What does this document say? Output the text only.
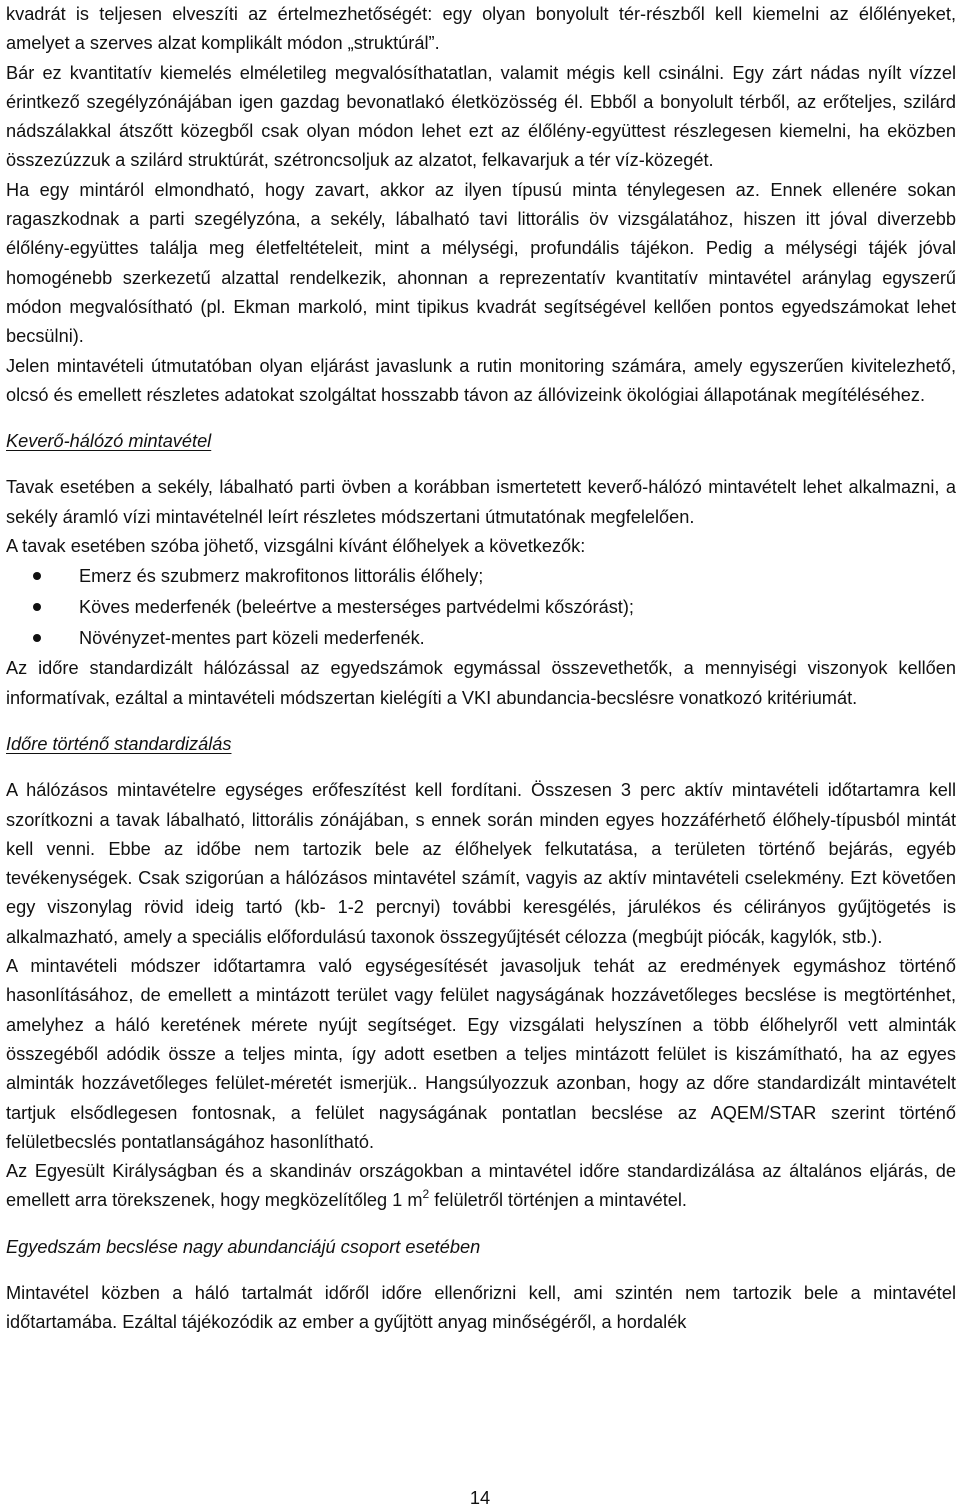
kvadrát is teljesen elveszíti az értelmezhetőségét: egy olyan bonyolult tér-részből kell kiemelni az élőlényeket, amelyet a szerves alzat komplikált módon „struktúrál”.

Bár ez kvantitatív kiemelés elméletileg megvalósíthatatlan, valamit mégis kell csinálni. Egy zárt nádas nyílt vízzel érintkező szegélyzónájában igen gazdag bevonatlakó életközösség él. Ebből a bonyolult térből, az erőteljes, szilárd nádszálakkal átszőtt közegből csak olyan módon lehet ezt az élőlény-együttest részlegesen kiemelni, ha eközben összezúzzuk a szilárd struktúrát, szétroncsoljuk az alzatot, felkavarjuk a tér víz-közegét.

Ha egy mintáról elmondható, hogy zavart, akkor az ilyen típusú minta ténylegesen az. Ennek ellenére sokan ragaszkodnak a parti szegélyzóna, a sekély, lábalható tavi littorális öv vizsgálatához, hiszen itt jóval diverzebb élőlény-együttes találja meg életfeltételeit, mint a mélységi, profundális tájékon. Pedig a mélységi tájék jóval homogénebb szerkezetű alzattal rendelkezik, ahonnan a reprezentatív kvantitatív mintavétel aránylag egyszerű módon megvalósítható (pl. Ekman markoló, mint tipikus kvadrát segítségével kellően pontos egyedszámokat lehet becsülni).

Jelen mintavételi útmutatóban olyan eljárást javaslunk a rutin monitoring számára, amely egyszerűen kivitelezhető, olcsó és emellett részletes adatokat szolgáltat hosszabb távon az állóvizeink ökológiai állapotának megítéléséhez.

Keverő-hálózó mintavétel

Tavak esetében a sekély, lábalható parti övben a korábban ismertetett keverő-hálózó mintavételt lehet alkalmazni, a sekély áramló vízi mintavételnél leírt részletes módszertani útmutatónak megfelelően.

A tavak esetében szóba jöhető, vizsgálni kívánt élőhelyek a következők:

Emerz és szubmerz makrofitonos littorális élőhely;
Köves mederfenék (beleértve a mesterséges partvédelmi kőszórást);
Növényzet-mentes part közeli mederfenék.

Az időre standardizált hálózással az egyedszámok egymással összevethetők, a mennyiségi viszonyok kellően informatívak, ezáltal a mintavételi módszertan kielégíti a VKI abundancia-becslésre vonatkozó kritériumát.

Időre történő standardizálás

A hálózásos mintavételre egységes erőfeszítést kell fordítani. Összesen 3 perc aktív mintavételi időtartamra kell szorítkozni a tavak lábalható, littorális zónájában, s ennek során minden egyes hozzáférhető élőhely-típusból mintát kell venni. Ebbe az időbe nem tartozik bele az élőhelyek felkutatása, a területen történő bejárás, egyéb tevékenységek. Csak szigorúan a hálózásos mintavétel számít, vagyis az aktív mintavételi cselekmény. Ezt követően egy viszonylag rövid ideig tartó (kb- 1-2 percnyi) további keresgélés, járulékos és célirányos gyűjtögetés is alkalmazható, amely a speciális előfordulású taxonok összegyűjtését célozza (megbújt piócák, kagylók, stb.).

A mintavételi módszer időtartamra való egységesítését javasoljuk tehát az eredmények egymáshoz történő hasonlításához, de emellett a mintázott terület vagy felület nagyságának hozzávetőleges becslése is megtörténhet, amelyhez a háló keretének mérete nyújt segítséget. Egy vizsgálati helyszínen a több élőhelyről vett alminták összegéből adódik össze a teljes minta, így adott esetben a teljes mintázott felület is kiszámítható, ha az egyes alminták hozzávetőleges felület-méretét ismerjük.. Hangsúlyozzuk azonban, hogy az dőre standardizált mintavételt tartjuk elsődlegesen fontosnak, a felület nagyságának pontatlan becslése az AQEM/STAR szerint történő felületbecslés pontatlanságához hasonlítható.

Az Egyesült Királyságban és a skandináv országokban a mintavétel időre standardizálása az általános eljárás, de emellett arra törekszenek, hogy megközelítőleg 1 $m^2$ felületről történjen a mintavétel.

Egyedszám becslése nagy abundanciájú csoport esetében

Mintavétel közben a háló tartalmát időről időre ellenőrizni kell, ami szintén nem tartozik bele a mintavétel időtartamába. Ezáltal tájékozódik az ember a gyűjtött anyag minőségéről, a hordalék

14
